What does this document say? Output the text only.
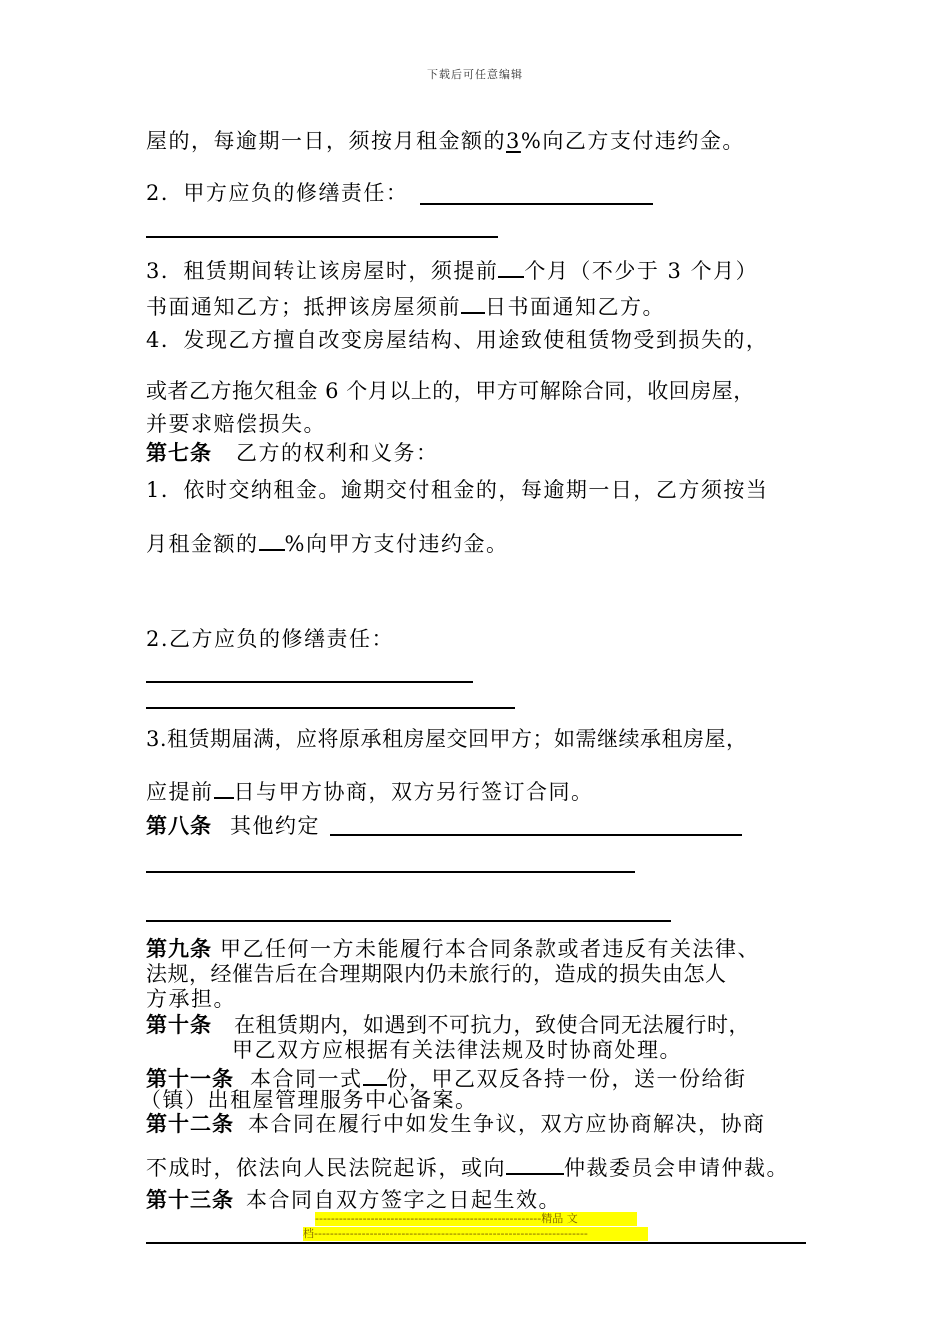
下载后可任意编辑
屋的，每逾期一日，须按月租金额的3%向乙方支付违约金。
2．甲方应负的修缮责任：
3．租赁期间转让该房屋时，须提前 个月（不少于 3 个月）
书面通知乙方；抵押该房屋须前 日书面通知乙方。
4．发现乙方擅自改变房屋结构、用途致使租赁物受到损失的，
或者乙方拖欠租金 6 个月以上的，甲方可解除合同，收回房屋，
并要求赔偿损失。
第七条 乙方的权利和义务：
1．依时交纳租金。逾期交付租金的，每逾期一日，乙方须按当
月租金额的 %向甲方支付违约金。
2.乙方应负的修缮责任：
3.租赁期届满，应将原承租房屋交回甲方；如需继续承租房屋，
应提前 日与甲方协商，双方另行签订合同。
第八条 其他约定
第九条 甲乙任何一方未能履行本合同条款或者违反有关法律、
法规，经催告后在合理期限内仍未旅行的，造成的损失由怎人
方承担。
第十条 在租赁期内，如遇到不可抗力，致使合同无法履行时，
甲乙双方应根据有关法律法规及时协商处理。
第十一条 本合同一式 份，甲乙双反各持一份，送一份给街
（镇）出租屋管理服务中心备案。
第十二条 本合同在履行中如发生争议，双方应协商解决，协商
不成时，依法向人民法院起诉，或向	仲裁委员会申请仲裁。
第十三条 本合同自双方签字之日起生效。
---------------------------------------------------------精品 文
档---------------------------------------------------------------------
